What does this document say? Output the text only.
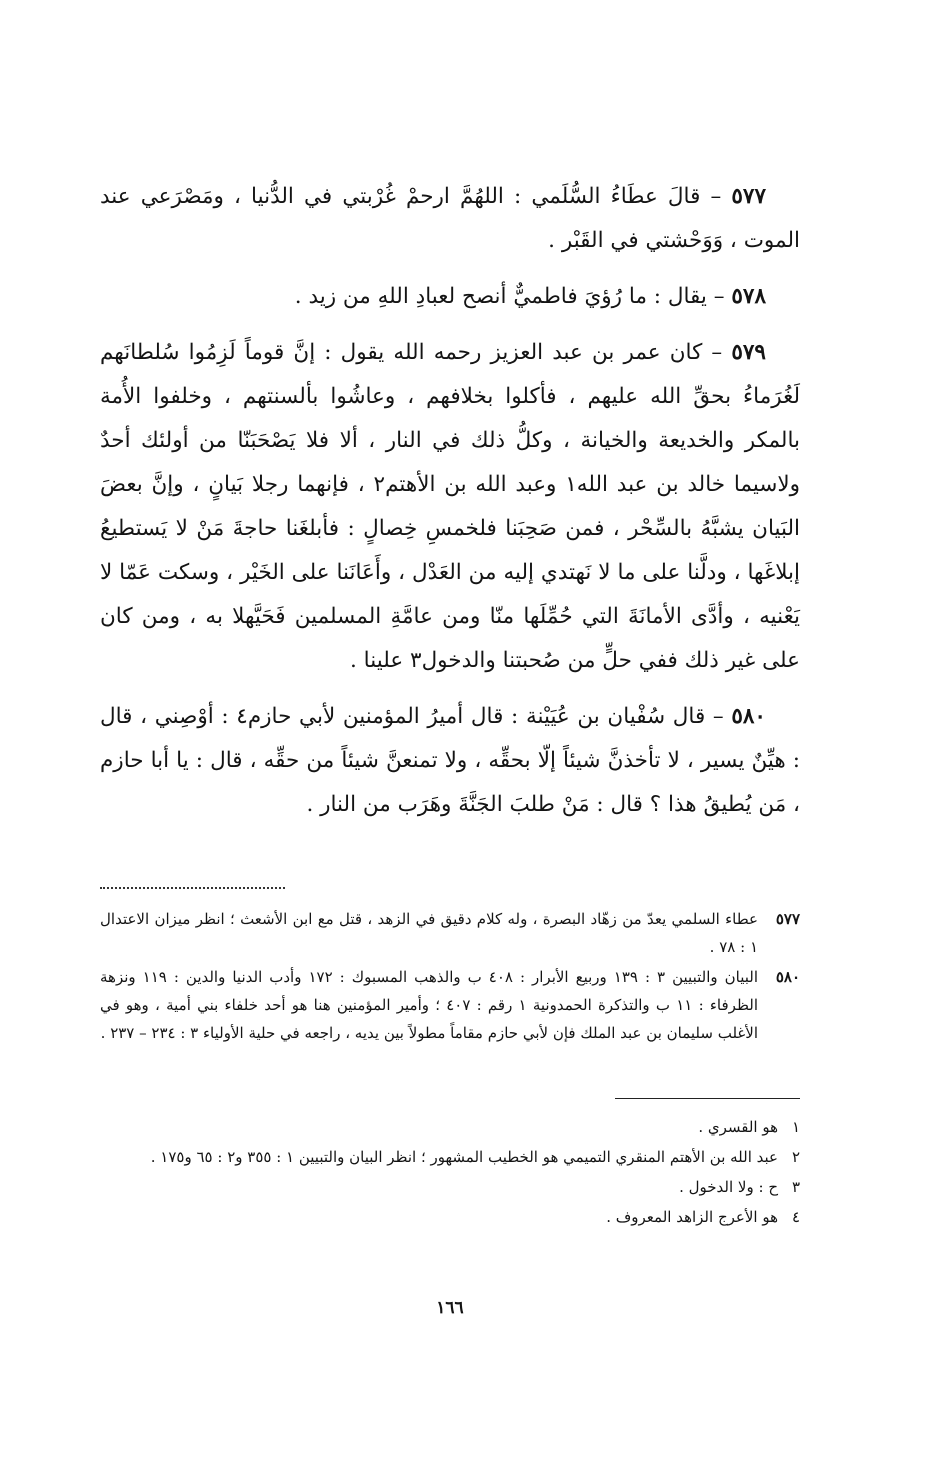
٥٧٧ – قالَ عطَاءُ السُّلَمي : اللهُمَّ ارحمْ غُرْبتي في الدُّنيا ، ومَصْرَعي عند الموت ، وَوَحْشتي في القَبْر .

٥٧٨ – يقال : ما رُؤيَ فاطميٌّ أنصح لعبادِ اللهِ من زيد .

٥٧٩ – كان عمر بن عبد العزيز رحمه الله يقول : إنَّ قوماً لَزِمُوا سُلطانَهم لَغُرَماءُ بحقِّ الله عليهم ، فأكلوا بخلافهم ، وعاشُوا بألسنتهم ، وخلفوا الأُمة بالمكر والخديعة والخيانة ، وكلُّ ذلك في النار ، ألا فلا يَصْحَبَنّا من أولئك أحدٌ ولاسيما خالد بن عبد الله١ وعبد الله بن الأهتم٢ ، فإنهما رجلا بَيانٍ ، وإنَّ بعضَ البَيان يشبَّهُ بالسِّحْر ، فمن صَحِبَنا فلخمسِ خِصالٍ : فأبلغَنا حاجةَ مَنْ لا يَستطيعُ إبلاغَها ، ودلَّنا على ما لا نَهتدي إليه من العَدْل ، وأَعَانَنا على الخَيْر ، وسكت عَمّا لا يَعْنيه ، وأدَّى الأمانَةَ التي حُمِّلَها منّا ومن عامَّةِ المسلمين فَحَيَّهلا به ، ومن كان على غير ذلك ففي حلٍّ من صُحبتنا والدخول٣ علينا .

٥٨٠ – قال سُفْيان بن عُيَيْنة : قال أميرُ المؤمنين لأبي حازم٤ : أوْصِني ، قال : هيِّنٌ يسير ، لا تأخذنَّ شيئاً إلّا بحقِّه ، ولا تمنعنَّ شيئاً من حقِّه ، قال : يا أبا حازم ، مَن يُطيقُ هذا ؟ قال : مَنْ طلبَ الجَنَّةَ وهَرَب من النار .

٥٧٧
عطاء السلمي يعدّ من زهّاد البصرة ، وله كلام دقيق في الزهد ، قتل مع ابن الأشعث ؛ انظر ميزان الاعتدال ١ : ٧٨ .

٥٨٠
البيان والتبيين ٣ : ١٣٩ وربيع الأبرار : ٤٠٨ ب والذهب المسبوك : ١٧٢ وأدب الدنيا والدين : ١١٩ ونزهة الظرفاء : ١١ ب والتذكرة الحمدونية ١ رقم : ٤٠٧ ؛ وأمير المؤمنين هنا هو أحد خلفاء بني أمية ، وهو في الأغلب سليمان بن عبد الملك فإن لأبي حازم مقاماً مطولاً بين يديه ، راجعه في حلية الأولياء ٣ : ٢٣٤ – ٢٣٧ .

١
هو القسري .

٢
عبد الله بن الأهتم المنقري التميمي هو الخطيب المشهور ؛ انظر البيان والتبيين ١ : ٣٥٥ و٢ : ٦٥ و١٧٥ .

٣
ح : ولا الدخول .

٤
هو الأعرج الزاهد المعروف .

١٦٦
